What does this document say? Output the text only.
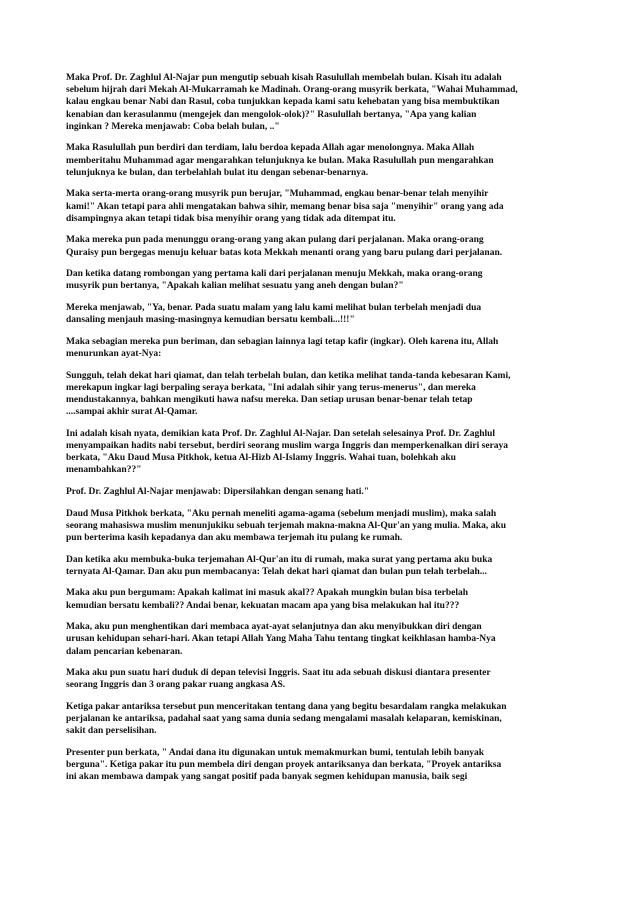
Maka Prof. Dr. Zaghlul Al-Najar pun mengutip sebuah kisah Rasulullah membelah bulan. Kisah itu adalah
sebelum hijrah dari Mekah Al-Mukarramah ke Madinah. Orang-orang musyrik berkata, "Wahai Muhammad,
kalau engkau benar Nabi dan Rasul, coba tunjukkan kepada kami satu kehebatan yang bisa membuktikan
kenabian dan kerasulanmu (mengejek dan mengolok-olok)?" Rasulullah bertanya, "Apa yang kalian
inginkan ? Mereka menjawab: Coba belah bulan, .."
Maka Rasulullah pun berdiri dan terdiam, lalu berdoa kepada Allah agar menolongnya. Maka Allah
memberitahu Muhammad agar mengarahkan telunjuknya ke bulan. Maka Rasulullah pun mengarahkan
telunjuknya ke bulan, dan terbelahlah bulat itu dengan sebenar-benarnya.
Maka serta-merta orang-orang musyrik pun berujar, "Muhammad, engkau benar-benar telah menyihir
kami!" Akan tetapi para ahli mengatakan bahwa sihir, memang benar bisa saja "menyihir" orang yang ada
disampingnya akan tetapi tidak bisa menyihir orang yang tidak ada ditempat itu.
Maka mereka pun pada menunggu orang-orang yang akan pulang dari perjalanan. Maka orang-orang
Quraisy pun bergegas menuju keluar batas kota Mekkah menanti orang yang baru pulang dari perjalanan.
Dan ketika datang rombongan yang pertama kali dari perjalanan menuju Mekkah, maka orang-orang
musyrik pun bertanya, "Apakah kalian melihat sesuatu yang aneh dengan bulan?"
Mereka menjawab, "Ya, benar. Pada suatu malam yang lalu kami melihat bulan terbelah menjadi dua
dansaling menjauh masing-masingnya kemudian bersatu kembali...!!!"
Maka sebagian mereka pun beriman, dan sebagian lainnya lagi tetap kafir (ingkar). Oleh karena itu, Allah
menurunkan ayat-Nya:
Sungguh, telah dekat hari qiamat, dan telah terbelah bulan, dan ketika melihat tanda-tanda kebesaran Kami,
merekapun ingkar lagi berpaling seraya berkata, "Ini adalah sihir yang terus-menerus", dan mereka
mendustakannya, bahkan mengikuti hawa nafsu mereka. Dan setiap urusan benar-benar telah tetap
....sampai akhir surat Al-Qamar.
Ini adalah kisah nyata, demikian kata Prof. Dr. Zaghlul Al-Najar. Dan setelah selesainya Prof. Dr. Zaghlul
menyampaikan hadits nabi tersebut, berdiri seorang muslim warga Inggris dan memperkenalkan diri seraya
berkata, "Aku Daud Musa Pitkhok, ketua Al-Hizb Al-Islamy Inggris. Wahai tuan, bolehkah aku
menambahkan??"
Prof. Dr. Zaghlul Al-Najar menjawab: Dipersilahkan dengan senang hati."
Daud Musa Pitkhok berkata, "Aku pernah meneliti agama-agama (sebelum menjadi muslim), maka salah
seorang mahasiswa muslim menunjukiku sebuah terjemah makna-makna Al-Qur'an yang mulia. Maka, aku
pun berterima kasih kepadanya dan aku membawa terjemah itu pulang ke rumah.
Dan ketika aku membuka-buka terjemahan Al-Qur'an itu di rumah, maka surat yang pertama aku buka
ternyata Al-Qamar. Dan aku pun membacanya: Telah dekat hari qiamat dan bulan pun telah terbelah...
Maka aku pun bergumam: Apakah kalimat ini masuk akal?? Apakah mungkin bulan bisa terbelah
kemudian bersatu kembali?? Andai benar, kekuatan macam apa yang bisa melakukan hal itu???
Maka, aku pun menghentikan dari membaca ayat-ayat selanjutnya dan aku menyibukkan diri dengan
urusan kehidupan sehari-hari. Akan tetapi Allah Yang Maha Tahu tentang tingkat keikhlasan hamba-Nya
dalam pencarian kebenaran.
Maka aku pun suatu hari duduk di depan televisi Inggris. Saat itu ada sebuah diskusi diantara presenter
seorang Inggris dan 3 orang pakar ruang angkasa AS.
Ketiga pakar antariksa tersebut pun menceritakan tentang dana yang begitu besardalam rangka melakukan
perjalanan ke antariksa, padahal saat yang sama dunia sedang mengalami masalah kelaparan, kemiskinan,
sakit dan perselisihan.
Presenter pun berkata, " Andai dana itu digunakan untuk memakmurkan bumi, tentulah lebih banyak
berguna". Ketiga pakar itu pun membela diri dengan proyek antariksanya dan berkata, "Proyek antariksa
ini akan membawa dampak yang sangat positif pada banyak segmen kehidupan manusia, baik segi
